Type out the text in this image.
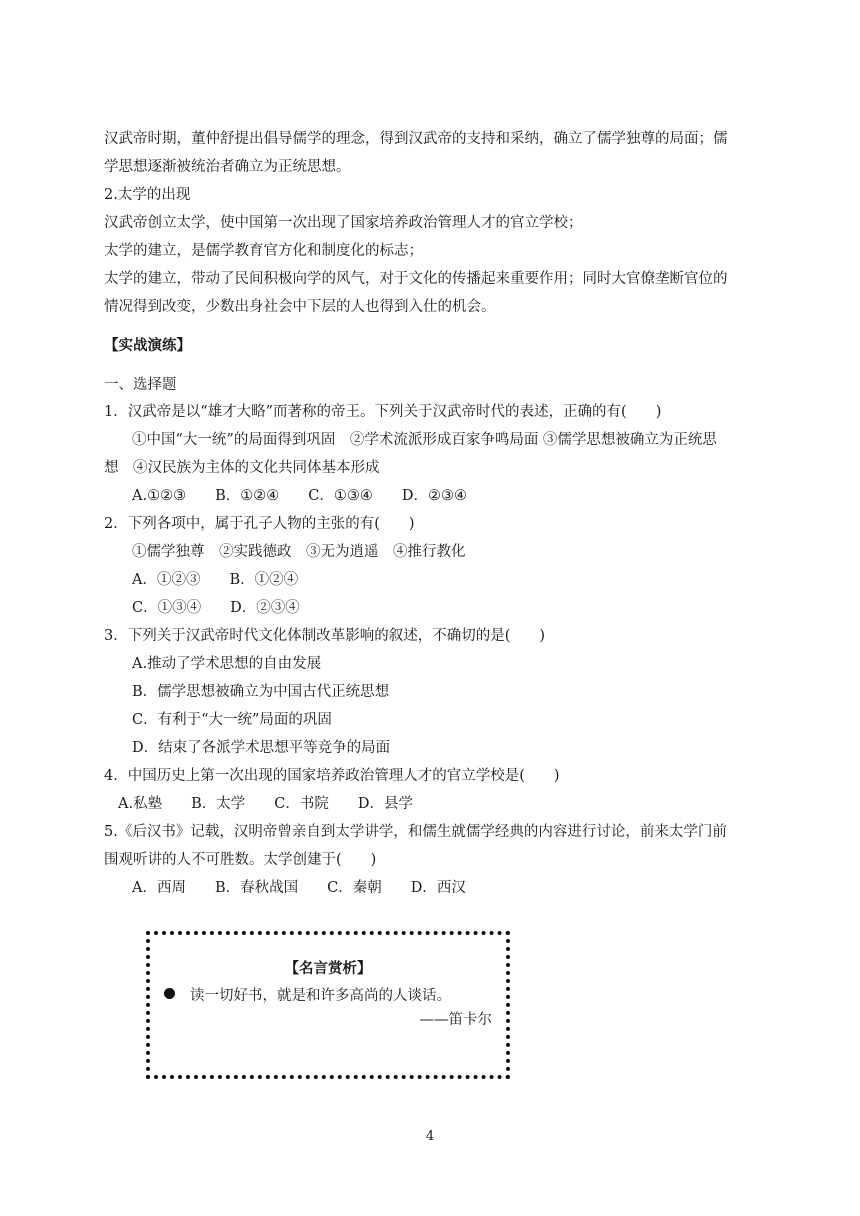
汉武帝时期，董仲舒提出倡导儒学的理念，得到汉武帝的支持和采纳，确立了儒学独尊的局面；儒
学思想逐渐被统治者确立为正统思想。
2.太学的出现
汉武帝创立太学，使中国第一次出现了国家培养政治管理人才的官立学校；
太学的建立，是儒学教育官方化和制度化的标志；
太学的建立，带动了民间积极向学的风气，对于文化的传播起来重要作用；同时大官僚垄断官位的
情况得到改变，少数出身社会中下层的人也得到入仕的机会。
【实战演练】
一、选择题
1．汉武帝是以“雄才大略”而著称的帝王。下列关于汉武帝时代的表述，正确的有(　　)
①中国“大一统”的局面得到巩固　②学术流派形成百家争鸣局面 ③儒学思想被确立为正统思
想　④汉民族为主体的文化共同体基本形成
A.①②③　　B．①②④　　C．①③④　　D．②③④
2．下列各项中，属于孔子人物的主张的有(　　)
①儒学独尊　②实践德政　③无为逍遥　④推行教化
A．①②③　　B．①②④
C．①③④　　D．②③④
3．下列关于汉武帝时代文化体制改革影响的叙述，不确切的是(　　)
A.推动了学术思想的自由发展
B．儒学思想被确立为中国古代正统思想
C．有利于“大一统”局面的巩固
D．结束了各派学术思想平等竞争的局面
4．中国历史上第一次出现的国家培养政治管理人才的官立学校是(　　)
A.私塾　　B．太学　　C．书院　　D．县学
5.《后汉书》记载，汉明帝曾亲自到太学讲学，和儒生就儒学经典的内容进行讨论，前来太学门前
围观听讲的人不可胜数。太学创建于(　　)
A．西周　　B．春秋战国　　C．秦朝　　D．西汉
【名言赏析】
读一切好书，就是和许多高尚的人谈话。
——笛卡尔
4
